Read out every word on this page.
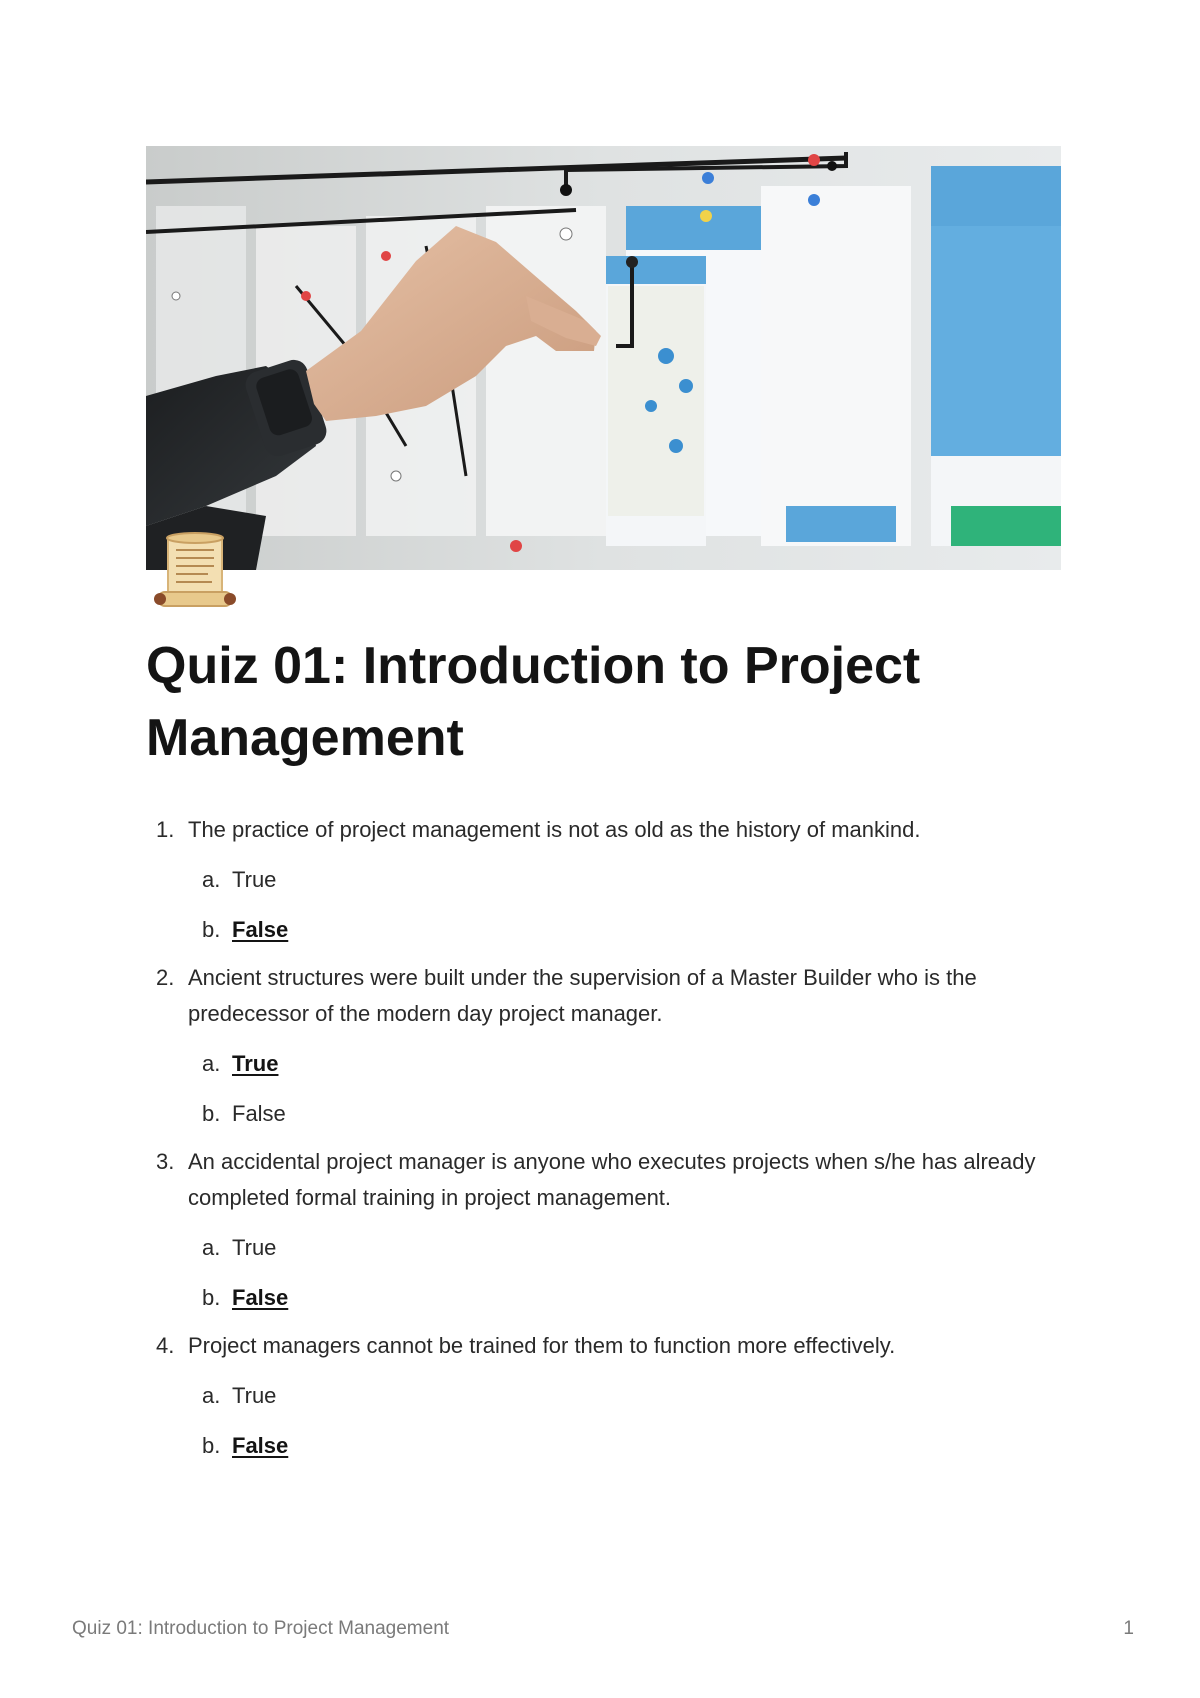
Quiz 01: Introduction to Project Management
1. The practice of project management is not as old as the history of mankind.
a. True
b. False
2. Ancient structures were built under the supervision of a Master Builder who is the predecessor of the modern day project manager.
a. True
b. False
3. An accidental project manager is anyone who executes projects when s/he has already completed formal training in project management.
a. True
b. False
4. Project managers cannot be trained for them to function more effectively.
a. True
b. False
Quiz 01: Introduction to Project Management	1
